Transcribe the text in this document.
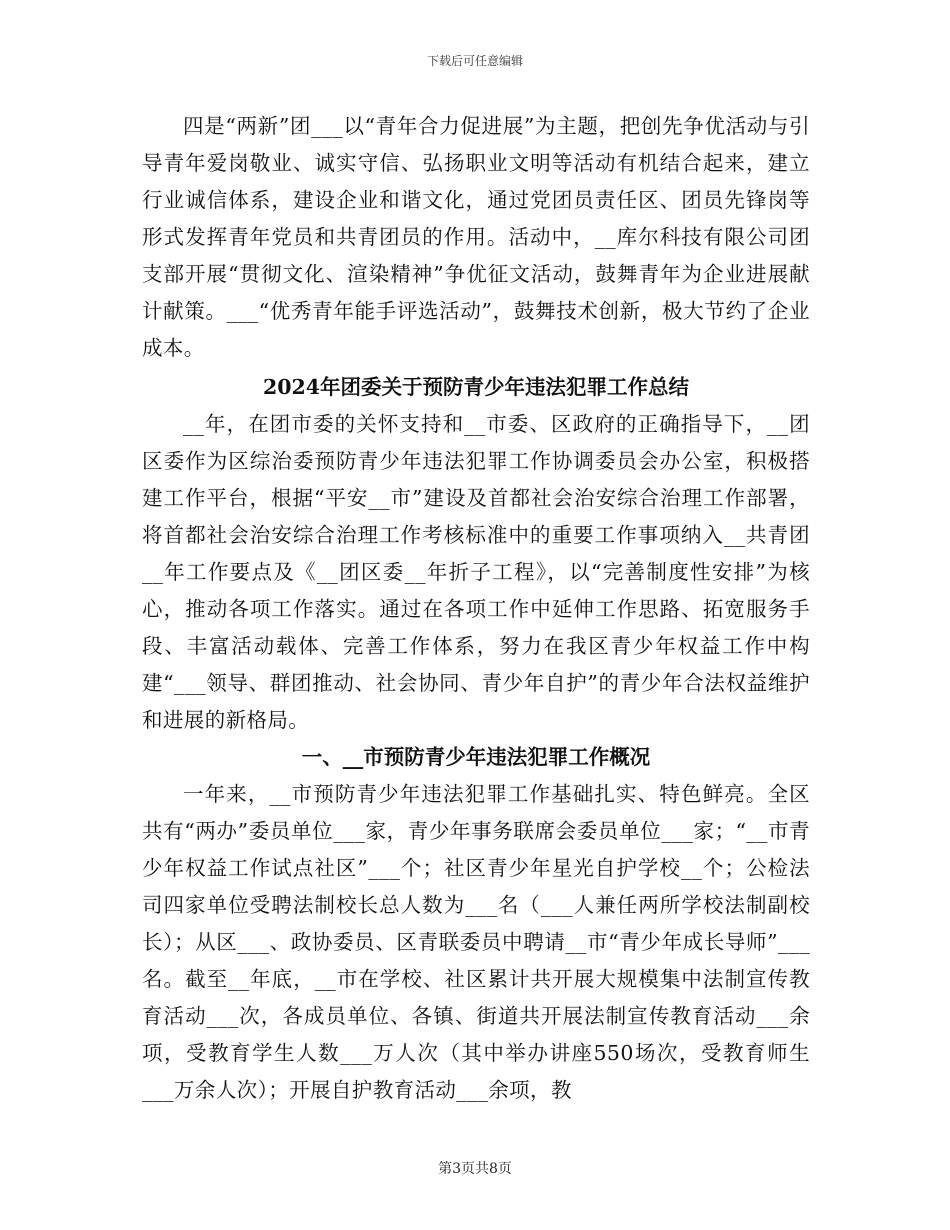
下载后可任意编辑

四是“两新”团___以“青年合力促进展”为主题，把创先争优活动与引导青年爱岗敬业、诚实守信、弘扬职业文明等活动有机结合起来，建立行业诚信体系，建设企业和谐文化，通过党团员责任区、团员先锋岗等形式发挥青年党员和共青团员的作用。活动中，__库尔科技有限公司团支部开展“贯彻文化、渲染精神”争优征文活动，鼓舞青年为企业进展献计献策。___“优秀青年能手评选活动”，鼓舞技术创新，极大节约了企业成本。

2024年团委关于预防青少年违法犯罪工作总结

__年，在团市委的关怀支持和__市委、区政府的正确指导下，__团区委作为区综治委预防青少年违法犯罪工作协调委员会办公室，积极搭建工作平台，根据“平安__市”建设及首都社会治安综合治理工作部署，将首都社会治安综合治理工作考核标准中的重要工作事项纳入__共青团__年工作要点及《__团区委__年折子工程》，以“完善制度性安排”为核心，推动各项工作落实。通过在各项工作中延伸工作思路、拓宽服务手段、丰富活动载体、完善工作体系，努力在我区青少年权益工作中构建“___领导、群团推动、社会协同、青少年自护”的青少年合法权益维护和进展的新格局。

一、__市预防青少年违法犯罪工作概况

一年来，__市预防青少年违法犯罪工作基础扎实、特色鲜亮。全区共有“两办”委员单位___家，青少年事务联席会委员单位___家；“__市青少年权益工作试点社区”___个；社区青少年星光自护学校__个；公检法司四家单位受聘法制校长总人数为___名（___人兼任两所学校法制副校长）；从区___、政协委员、区青联委员中聘请__市“青少年成长导师”___名。截至__年底，__市在学校、社区累计共开展大规模集中法制宣传教育活动___次，各成员单位、各镇、街道共开展法制宣传教育活动___余项，受教育学生人数___万人次（其中举办讲座550场次，受教育师生___万余人次）；开展自护教育活动___余项，教

第3页共8页
